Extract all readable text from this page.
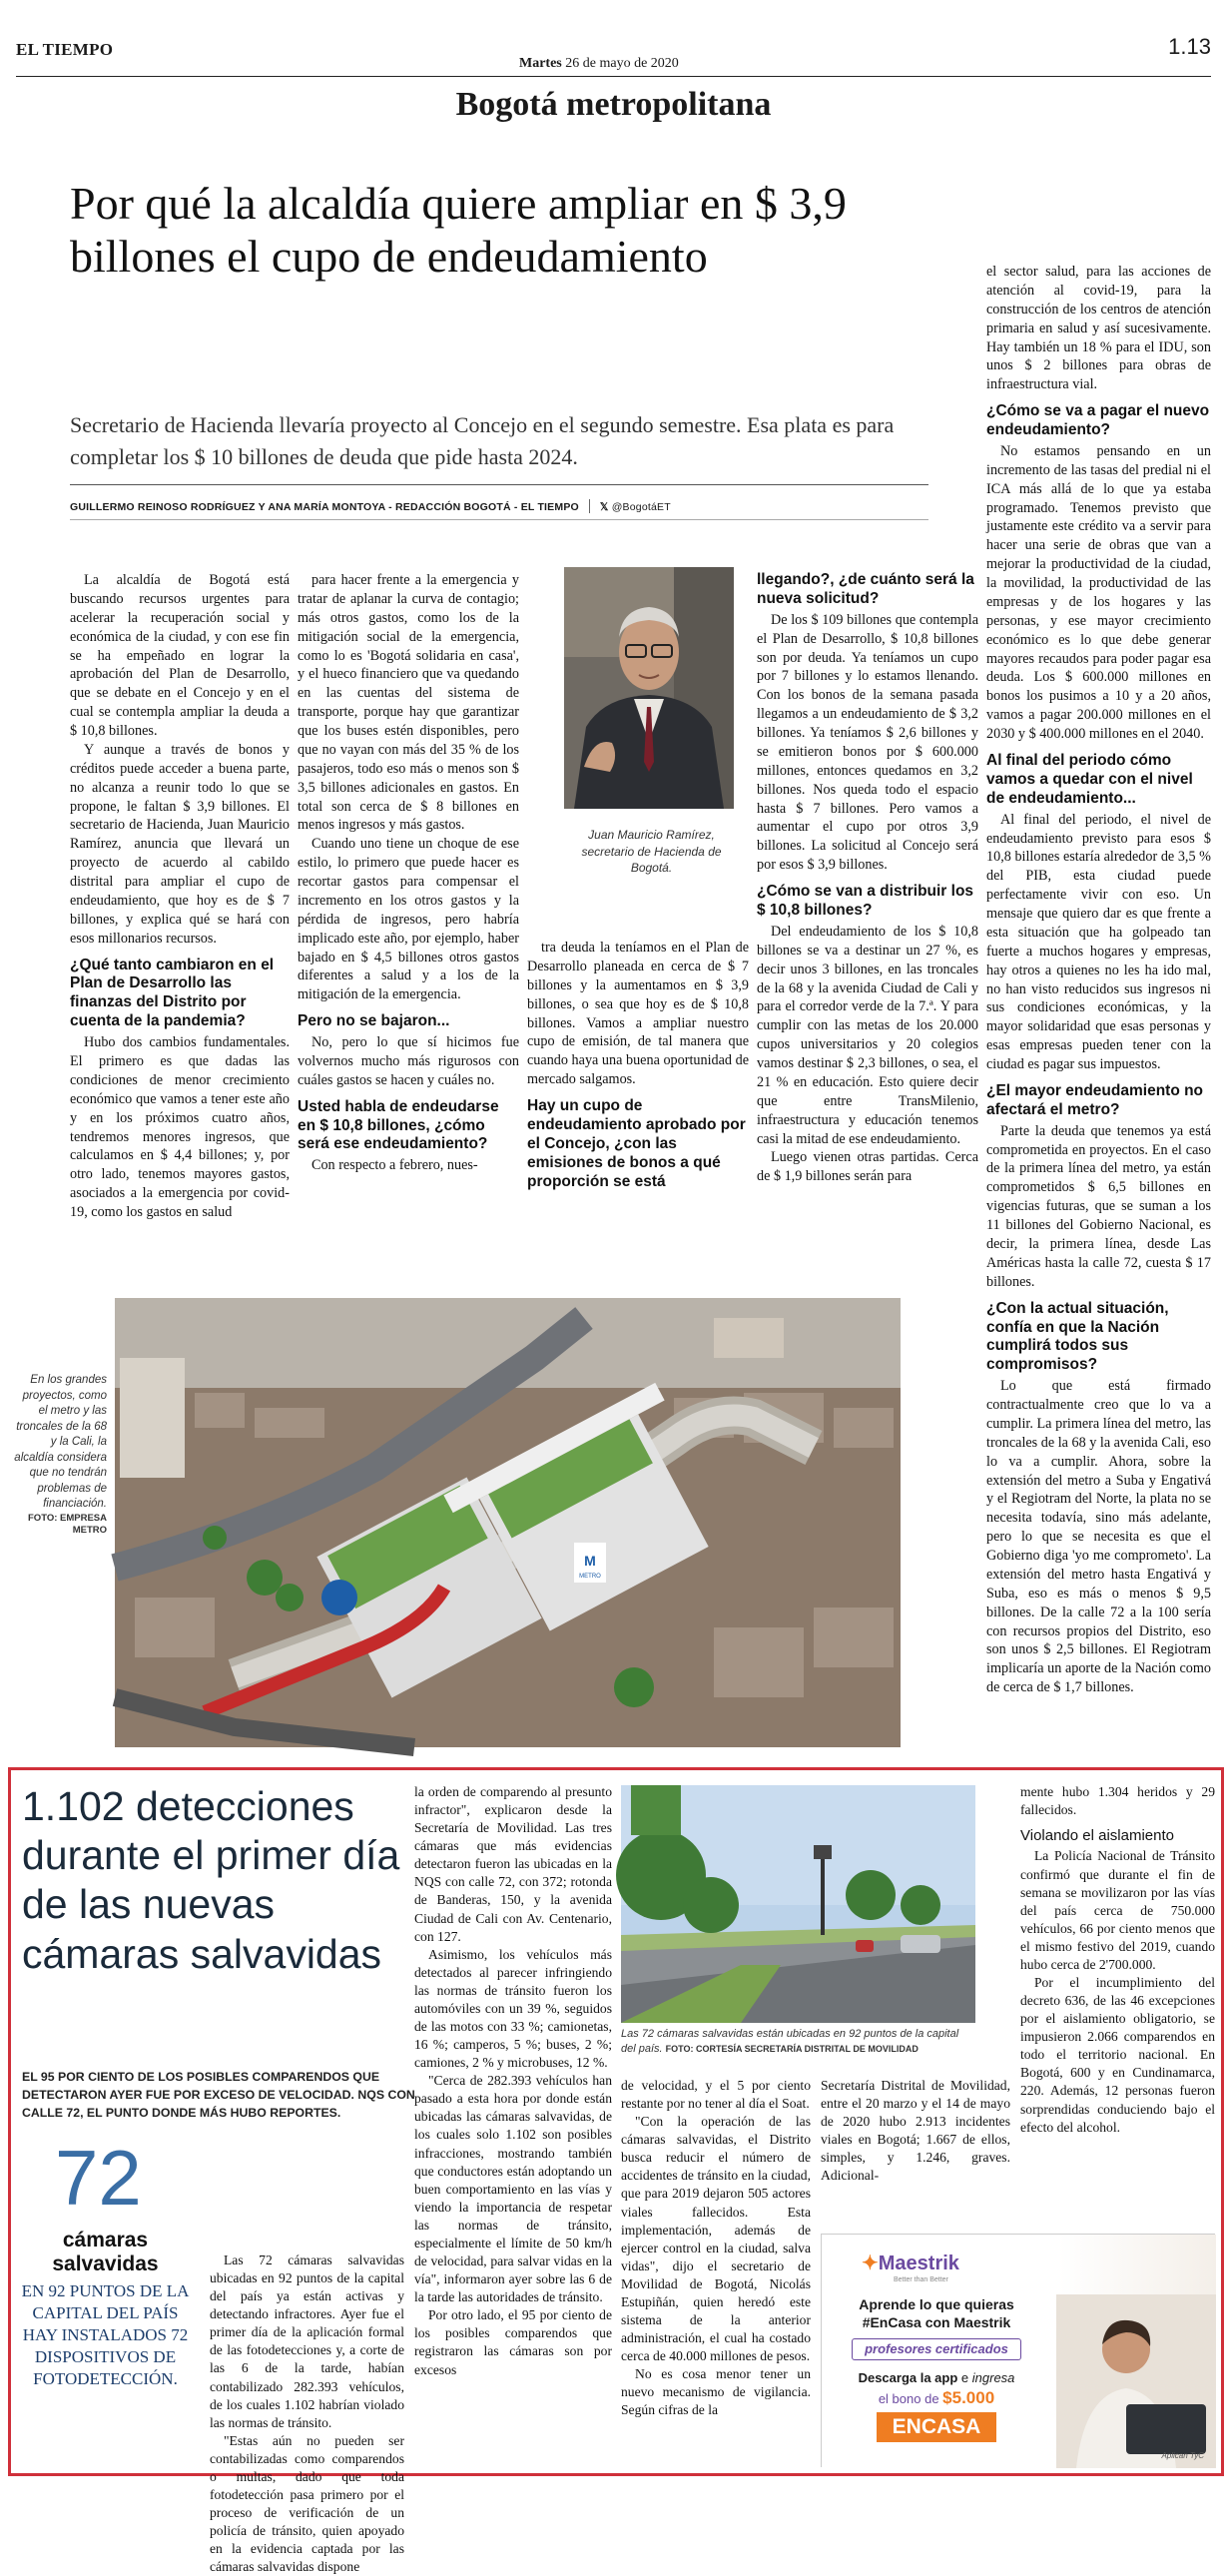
EL TIEMPO
Martes 26 de mayo de 2020
1.13
Bogotá metropolitana
Por qué la alcaldía quiere ampliar en $ 3,9 billones el cupo de endeudamiento
Secretario de Hacienda llevaría proyecto al Concejo en el segundo semestre. Esa plata es para completar los $ 10 billones de deuda que pide hasta 2024.
GUILLERMO REINOSO RODRÍGUEZ Y ANA MARÍA MONTOYA - REDACCIÓN BOGOTÁ - EL TIEMPO 𝕏 @BogotáET

La alcaldía de Bogotá está buscando recursos urgentes para acelerar la recuperación social y económica de la ciudad, y con ese fin se ha empeñado en lograr la aprobación del Plan de Desarrollo, que se debate en el Concejo y en el cual se contempla ampliar la deuda a $ 10,8 billones.

Y aunque a través de bonos y créditos puede acceder a buena parte, no alcanza a reunir todo lo que se propone, le faltan $ 3,9 billones. El secretario de Hacienda, Juan Mauricio Ramírez, anuncia que llevará un proyecto de acuerdo al cabildo distrital para ampliar el cupo de endeudamiento, que hoy es de $ 7 billones, y explica qué se hará con esos millonarios recursos.

¿Qué tanto cambiaron en el Plan de Desarrollo las finanzas del Distrito por cuenta de la pandemia?

Hubo dos cambios fundamentales. El primero es que dadas las condiciones de menor crecimiento económico que vamos a tener este año y en los próximos cuatro años, tendremos menores ingresos, que calculamos en $ 4,4 billones; y, por otro lado, tenemos mayores gastos, asociados a la emergencia por covid-19, como los gastos en salud

para hacer frente a la emergencia y tratar de aplanar la curva de contagio; más otros gastos, como los de la mitigación social de la emergencia, como lo es 'Bogotá solidaria en casa', y el hueco financiero que va quedando en las cuentas del sistema de transporte, porque hay que garantizar que los buses estén disponibles, pero que no vayan con más del 35 % de los pasajeros, todo eso más o menos son $ 3,5 billones adicionales en gastos. En total son cerca de $ 8 billones en menos ingresos y más gastos.

Cuando uno tiene un choque de ese estilo, lo primero que puede hacer es recortar gastos para compensar el incremento en los otros gastos y la pérdida de ingresos, pero habría implicado este año, por ejemplo, haber bajado en $ 4,5 billones otros gastos diferentes a salud y a los de la mitigación de la emergencia.

Pero no se bajaron...

No, pero lo que sí hicimos fue volvernos mucho más rigurosos con cuáles gastos se hacen y cuáles no.

Usted habla de endeudarse en $ 10,8 billones, ¿cómo será ese endeudamiento?

Con respecto a febrero, nues-

Juan Mauricio Ramírez, secretario de Hacienda de Bogotá.

tra deuda la teníamos en el Plan de Desarrollo planeada en cerca de $ 7 billones y la aumentamos en $ 3,9 billones, o sea que hoy es de $ 10,8 billones. Vamos a ampliar nuestro cupo de emisión, de tal manera que cuando haya una buena oportunidad de mercado salgamos.

Hay un cupo de endeudamiento aprobado por el Concejo, ¿con las emisiones de bonos a qué proporción se está
llegando?, ¿de cuánto será la nueva solicitud?

De los $ 109 billones que contempla el Plan de Desarrollo, $ 10,8 billones son por deuda. Ya teníamos un cupo por 7 billones y lo estamos llenando. Con los bonos de la semana pasada llegamos a un endeudamiento de $ 3,2 billones. Ya teníamos $ 2,6 billones y se emitieron bonos por $ 600.000 millones, entonces quedamos en 3,2 billones. Nos queda todo el espacio hasta $ 7 billones. Pero vamos a aumentar el cupo por otros 3,9 billones. La solicitud al Concejo será por esos $ 3,9 billones.

¿Cómo se van a distribuir los $ 10,8 billones?

Del endeudamiento de los $ 10,8 billones se va a destinar un 27 %, es decir unos 3 billones, en las troncales de la 68 y la avenida Ciudad de Cali y para el corredor verde de la 7.ª. Y para cumplir con las metas de los 20.000 cupos universitarios y 20 colegios vamos destinar $ 2,3 billones, o sea, el 21 % en educación. Esto quiere decir que entre TransMilenio, infraestructura y educación tenemos casi la mitad de ese endeudamiento.

Luego vienen otras partidas. Cerca de $ 1,9 billones serán para

el sector salud, para las acciones de atención al covid-19, para la construcción de los centros de atención primaria en salud y así sucesivamente. Hay también un 18 % para el IDU, son unos $ 2 billones para obras de infraestructura vial.

¿Cómo se va a pagar el nuevo endeudamiento?

No estamos pensando en un incremento de las tasas del predial ni el ICA más allá de lo que ya estaba programado. Tenemos previsto que justamente este crédito va a servir para hacer una serie de obras que van a mejorar la productividad de la ciudad, la movilidad, la productividad de las empresas y de los hogares y las personas, y ese mayor crecimiento económico es lo que debe generar mayores recaudos para poder pagar esa deuda. Los $ 600.000 millones en bonos los pusimos a 10 y a 20 años, vamos a pagar 200.000 millones en el 2030 y $ 400.000 millones en el 2040.

Al final del periodo cómo vamos a quedar con el nivel de endeudamiento...

Al final del periodo, el nivel de endeudamiento previsto para esos $ 10,8 billones estaría alrededor de 3,5 % del PIB, esta ciudad puede perfectamente vivir con eso. Un mensaje que quiero dar es que frente a esta situación que ha golpeado tan fuerte a muchos hogares y empresas, hay otros a quienes no les ha ido mal, no han visto reducidos sus ingresos ni sus condiciones económicas, y la mayor solidaridad que esas personas y esas empresas pueden tener con la ciudad es pagar sus impuestos.

¿El mayor endeudamiento no afectará el metro?

Parte la deuda que tenemos ya está comprometida en proyectos. En el caso de la primera línea del metro, ya están comprometidos $ 6,5 billones en vigencias futuras, que se suman a los 11 billones del Gobierno Nacional, es decir, la primera línea, desde Las Américas hasta la calle 72, cuesta $ 17 billones.

¿Con la actual situación, confía en que la Nación cumplirá todos sus compromisos?

Lo que está firmado contractualmente creo que lo va a cumplir. La primera línea del metro, las troncales de la 68 y la avenida Cali, eso lo va a cumplir. Ahora, sobre la extensión del metro a Suba y Engativá y el Regiotram del Norte, la plata no se necesita todavía, sino más adelante, pero lo que se necesita es que el Gobierno diga 'yo me comprometo'. La extensión del metro hasta Engativá y Suba, eso es más o menos $ 9,5 billones. De la calle 72 a la 100 sería con recursos propios del Distrito, eso son unos $ 2,5 billones. El Regiotram implicaría un aporte de la Nación como de cerca de $ 1,7 billones.

M
METRO
En los grandes proyectos, como el metro y las troncales de la 68 y la Cali, la alcaldía considera que no tendrán problemas de financiación.
FOTO: EMPRESA METRO
1.102 detecciones durante el primer día de las nuevas cámaras salvavidas
EL 95 POR CIENTO DE LOS POSIBLES COMPARENDOS QUE DETECTARON AYER FUE POR EXCESO DE VELOCIDAD. NQS CON CALLE 72, EL PUNTO DONDE MÁS HUBO REPORTES.
72
cámaras salvavidas
EN 92 PUNTOS DE LA CAPITAL DEL PAÍS HAY INSTALADOS 72 DISPOSITIVOS DE FOTODETECCIÓN.

Las 72 cámaras salvavidas ubicadas en 92 puntos de la capital del país ya están activas y detectando infractores. Ayer fue el primer día de la aplicación formal de las fotodetecciones y, a corte de las 6 de la tarde, habían contabilizado 282.393 vehículos, de los cuales 1.102 habrían violado las normas de tránsito.

"Estas aún no pueden ser contabilizadas como comparendos o multas, dado que toda fotodetección pasa primero por el proceso de verificación de un policía de tránsito, quien apoyado en la evidencia captada por las cámaras salvavidas dispone

la orden de comparendo al presunto infractor", explicaron desde la Secretaría de Movilidad. Las tres cámaras que más evidencias detectaron fueron las ubicadas en la NQS con calle 72, con 372; rotonda de Banderas, 150, y la avenida Ciudad de Cali con Av. Centenario, con 127.

Asimismo, los vehículos más detectados al parecer infringiendo las normas de tránsito fueron los automóviles con un 39 %, seguidos de las motos con 33 %; camionetas, 16 %; camperos, 5 %; buses, 2 %; camiones, 2 % y microbuses, 12 %.

"Cerca de 282.393 vehículos han pasado a esta hora por donde están ubicadas las cámaras salvavidas, de los cuales solo 1.102 son posibles infracciones, mostrando también que conductores están adoptando un buen comportamiento en las vías y viendo la importancia de respetar las normas de tránsito, especialmente el límite de 50 km/h de velocidad, para salvar vidas en la vía", informaron ayer sobre las 6 de la tarde las autoridades de tránsito.

Por otro lado, el 95 por ciento de los posibles comparendos que registraron las cámaras son por excesos

Las 72 cámaras salvavidas están ubicadas en 92 puntos de la capital del país. FOTO: CORTESÍA SECRETARÍA DISTRITAL DE MOVILIDAD

de velocidad, y el 5 por ciento restante por no tener al día el Soat.

"Con la operación de las cámaras salvavidas, el Distrito busca reducir el número de accidentes de tránsito en la ciudad, que para 2019 dejaron 505 actores viales fallecidos. Esta implementación, además de ejercer control en la ciudad, salva vidas", dijo el secretario de Movilidad de Bogotá, Nicolás Estupiñán, quien heredó este sistema de la anterior administración, el cual ha costado cerca de 40.000 millones de pesos.

No es cosa menor tener un nuevo mecanismo de vigilancia. Según cifras de la

Secretaría Distrital de Movilidad, entre el 20 marzo y el 14 de mayo de 2020 hubo 2.913 incidentes viales en Bogotá; 1.667 de ellos, simples, y 1.246, graves. Adicional-

mente hubo 1.304 heridos y 29 fallecidos.

Violando el aislamiento

La Policía Nacional de Tránsito confirmó que durante el fin de semana se movilizaron por las vías del país cerca de 750.000 vehículos, 66 por ciento menos que el mismo festivo del 2019, cuando hubo cerca de 2'700.000.

Por el incumplimiento del decreto 636, de las 46 excepciones por el aislamiento obligatorio, se impusieron 2.066 comparendos en todo el territorio nacional. En Bogotá, 600 y en Cundinamarca, 220. Además, 12 personas fueron sorprendidas conduciendo bajo el efecto del alcohol.

✦Maestrik
Better than Better
Aprende lo que quieras
#EnCasa con Maestrik
profesores certificados
Descarga la app e ingresa
el bono de $5.000
ENCASA
Aplican TyC
